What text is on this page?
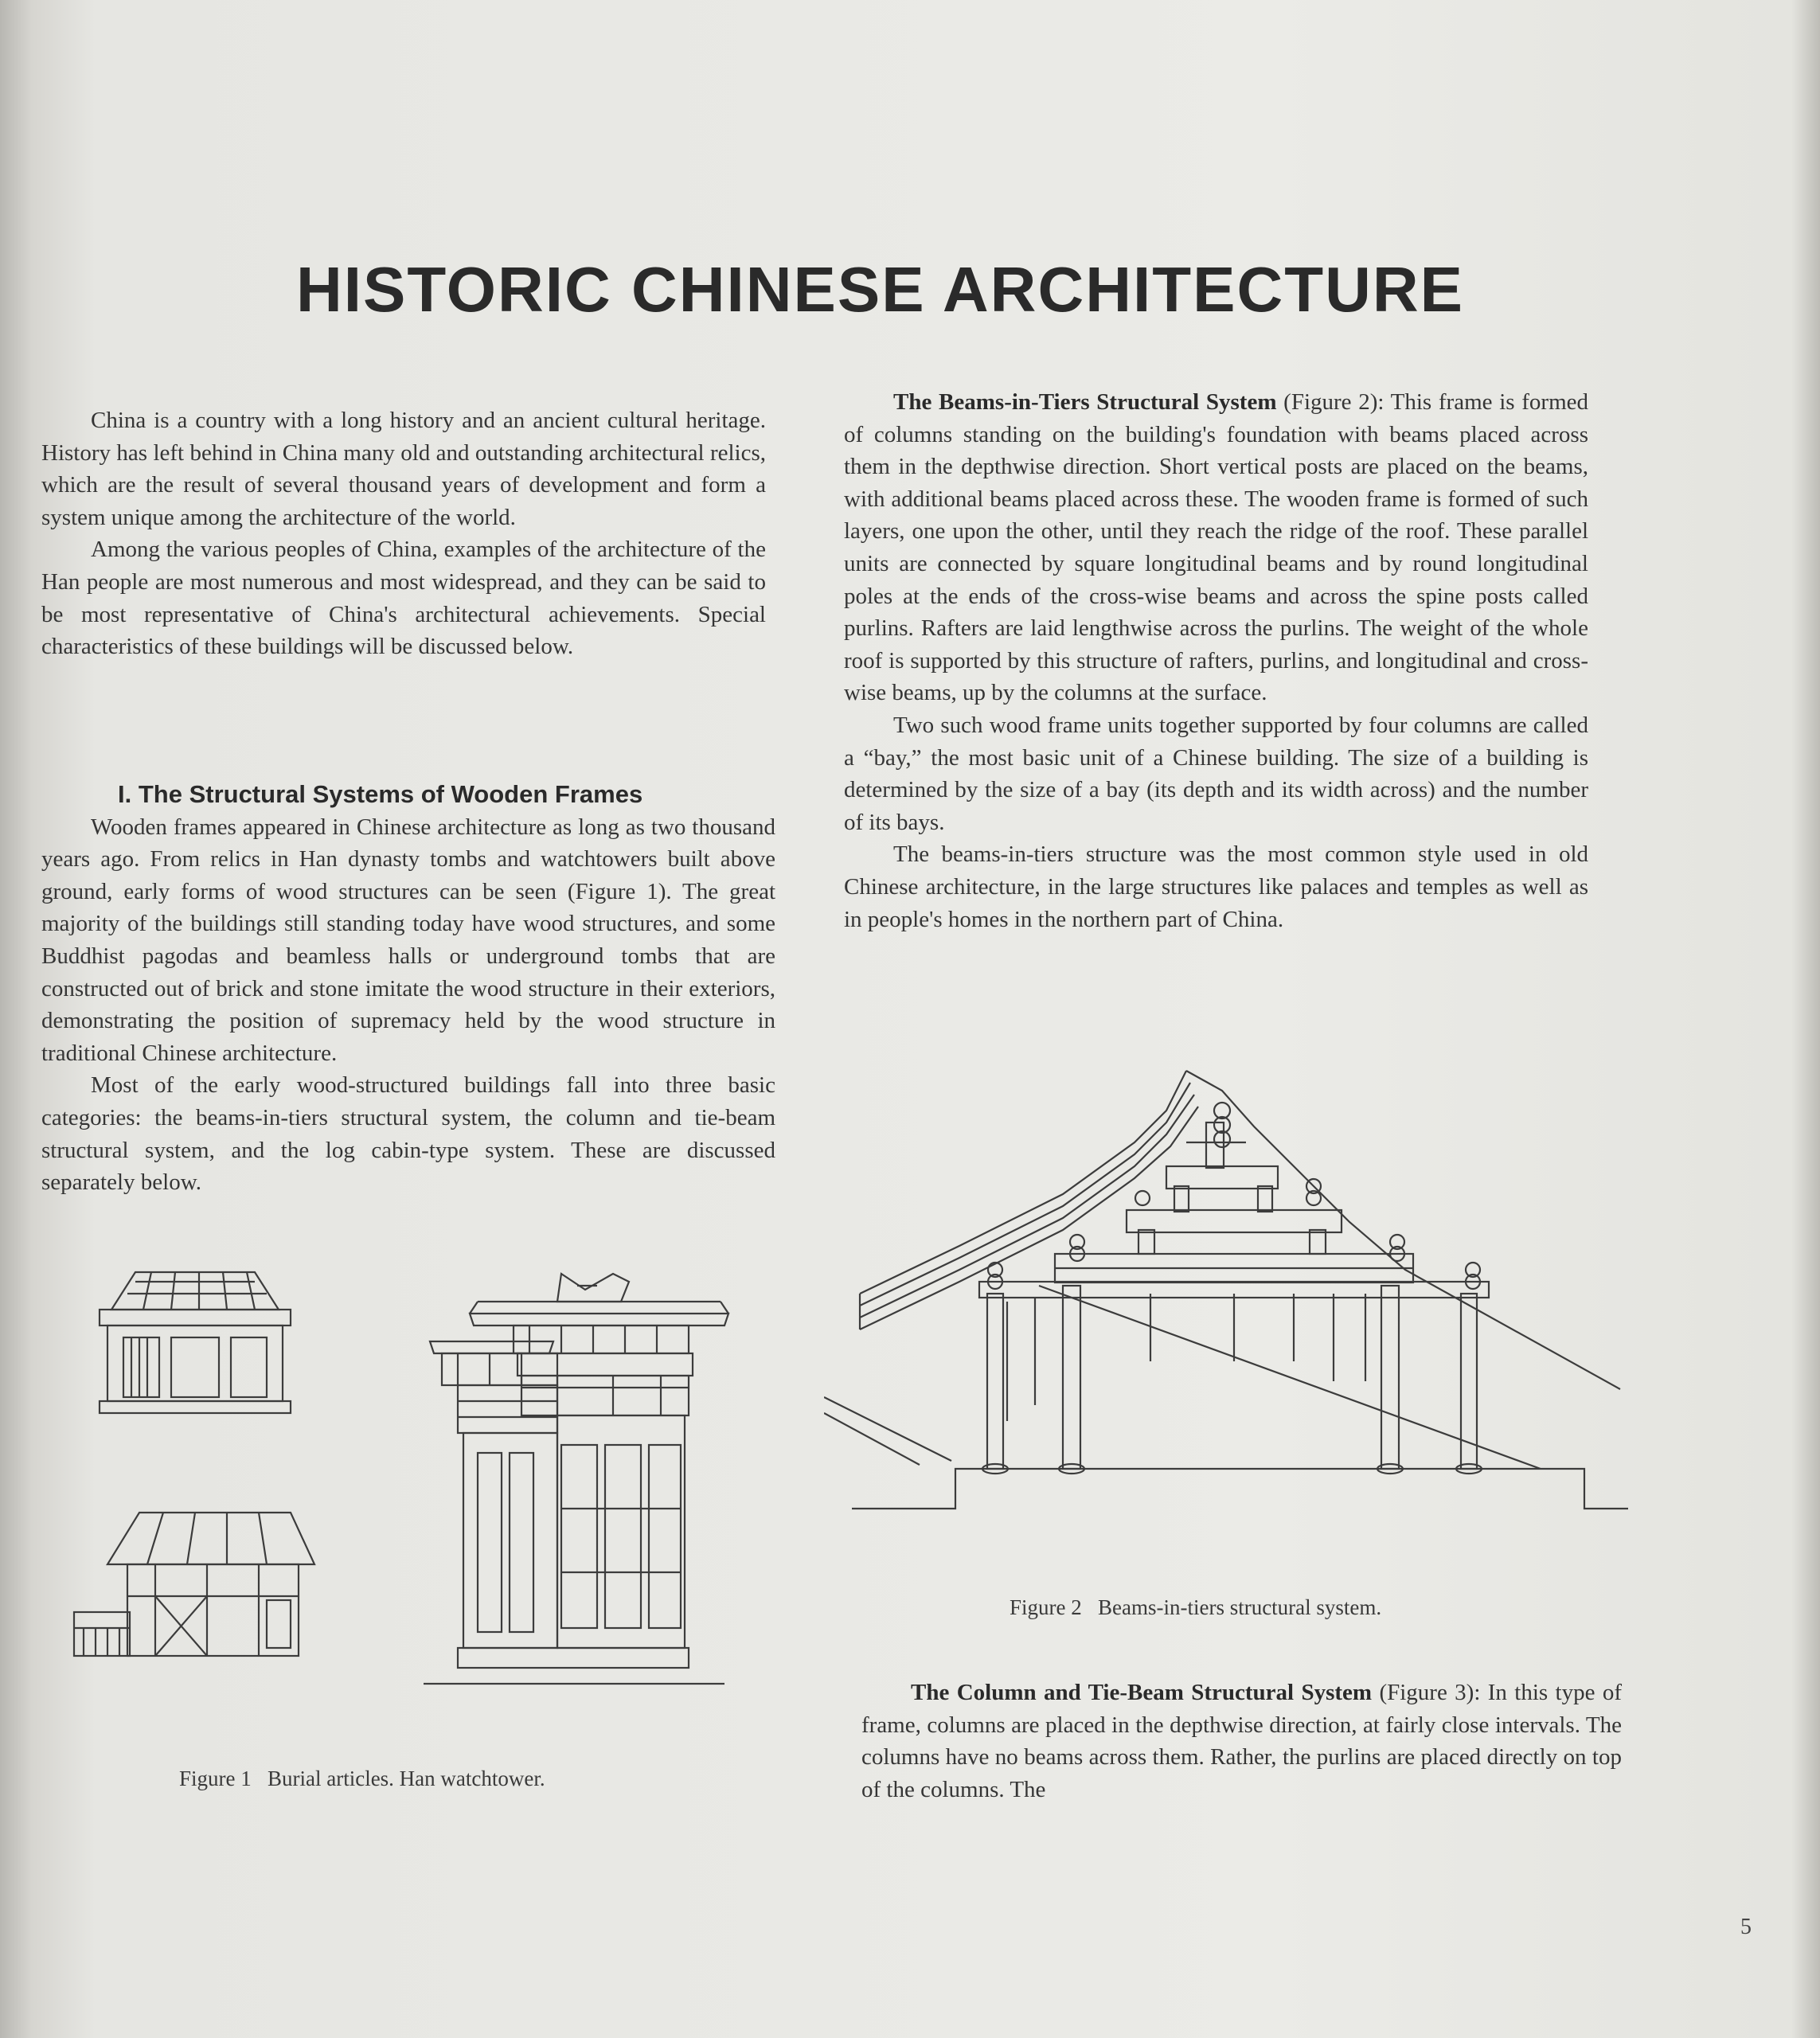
HISTORIC CHINESE ARCHITECTURE

China is a country with a long history and an ancient cultural heritage. History has left behind in China many old and outstanding architectural relics, which are the result of several thousand years of development and form a system unique among the architecture of the world.

Among the various peoples of China, examples of the architecture of the Han people are most numerous and most widespread, and they can be said to be most representative of China's architectural achievements. Special characteristics of these buildings will be discussed below.

I. The Structural Systems of Wooden Frames

Wooden frames appeared in Chinese architecture as long as two thousand years ago. From relics in Han dynasty tombs and watchtowers built above ground, early forms of wood structures can be seen (Figure 1). The great majority of the buildings still standing today have wood structures, and some Buddhist pagodas and beamless halls or underground tombs that are constructed out of brick and stone imitate the wood structure in their exteriors, demonstrating the position of supremacy held by the wood structure in traditional Chinese architecture.

Most of the early wood-structured buildings fall into three basic categories: the beams-in-tiers structural system, the column and tie-beam structural system, and the log cabin-type system. These are discussed separately below.

The Beams-in-Tiers Structural System (Figure 2): This frame is formed of columns standing on the building's foundation with beams placed across them in the depthwise direction. Short vertical posts are placed on the beams, with additional beams placed across these. The wooden frame is formed of such layers, one upon the other, until they reach the ridge of the roof. These parallel units are connected by square longitudinal beams and by round longitudinal poles at the ends of the cross-wise beams and across the spine posts called purlins. Rafters are laid lengthwise across the purlins. The weight of the whole roof is supported by this structure of rafters, purlins, and longitudinal and cross-wise beams, up by the columns at the surface.

Two such wood frame units together supported by four columns are called a “bay,” the most basic unit of a Chinese building. The size of a building is determined by the size of a bay (its depth and its width across) and the number of its bays.

The beams-in-tiers structure was the most common style used in old Chinese architecture, in the large structures like palaces and temples as well as in people's homes in the northern part of China.

The Column and Tie-Beam Structural System (Figure 3): In this type of frame, columns are placed in the depthwise direction, at fairly close intervals. The columns have no beams across them. Rather, the purlins are placed directly on top of the columns. The

Figure 1   Burial articles. Han watchtower.
Figure 2   Beams-in-tiers structural system.
5
